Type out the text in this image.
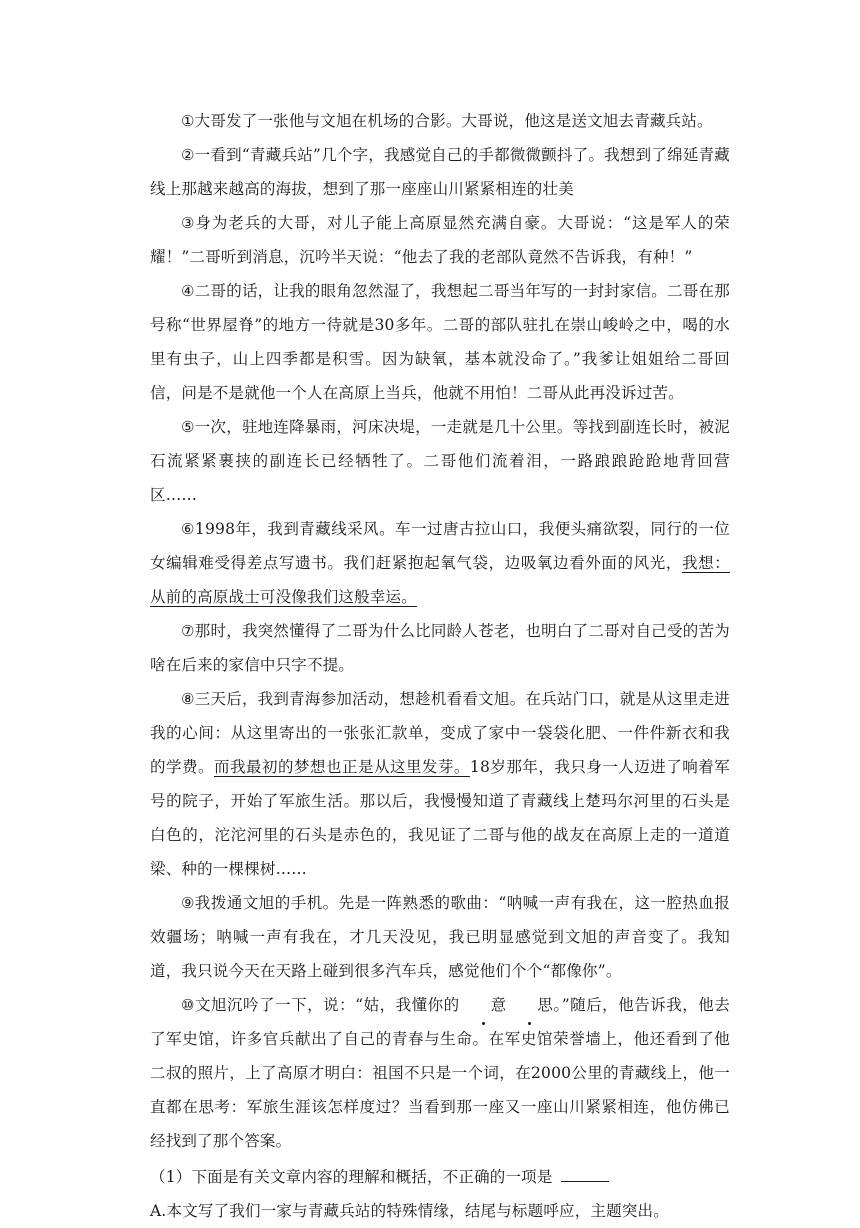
①大哥发了一张他与文旭在机场的合影。大哥说，他这是送文旭去青藏兵站。

②一看到“青藏兵站”几个字，我感觉自己的手都微微颤抖了。我想到了绵延青藏线上那越来越高的海拔，想到了那一座座山川紧紧相连的壮美

③身为老兵的大哥，对儿子能上高原显然充满自豪。大哥说：“这是军人的荣耀！”二哥听到消息，沉吟半天说：“他去了我的老部队竟然不告诉我，有种！”

④二哥的话，让我的眼角忽然湿了，我想起二哥当年写的一封封家信。二哥在那号称“世界屋脊”的地方一待就是30多年。二哥的部队驻扎在崇山峻岭之中，喝的水里有虫子，山上四季都是积雪。因为缺氧，基本就没命了。”我爹让姐姐给二哥回信，问是不是就他一个人在高原上当兵，他就不用怕！二哥从此再没诉过苦。

⑤一次，驻地连降暴雨，河床决堤，一走就是几十公里。等找到副连长时，被泥石流紧紧裹挟的副连长已经牺牲了。二哥他们流着泪，一路踉踉跄跄地背回营区……

⑥1998年，我到青藏线采风。车一过唐古拉山口，我便头痛欲裂，同行的一位女编辑难受得差点写遗书。我们赶紧抱起氧气袋，边吸氧边看外面的风光，我想：从前的高原战士可没像我们这般幸运。

⑦那时，我突然懂得了二哥为什么比同龄人苍老，也明白了二哥对自己受的苦为啥在后来的家信中只字不提。

⑧三天后，我到青海参加活动，想趁机看看文旭。在兵站门口，就是从这里走进我的心间：从这里寄出的一张张汇款单，变成了家中一袋袋化肥、一件件新衣和我的学费。而我最初的梦想也正是从这里发芽。18岁那年，我只身一人迈进了响着军号的院子，开始了军旅生活。那以后，我慢慢知道了青藏线上楚玛尔河里的石头是白色的，沱沱河里的石头是赤色的，我见证了二哥与他的战友在高原上走的一道道梁、种的一棵棵树……

⑨我拨通文旭的手机。先是一阵熟悉的歌曲：“呐喊一声有我在，这一腔热血报效疆场；呐喊一声有我在，才几天没见，我已明显感觉到文旭的声音变了。我知道，我只说今天在天路上碰到很多汽车兵，感觉他们个个“都像你”。

⑩文旭沉吟了一下，说：“姑，我懂你的 意 思。”随后，他告诉我，他去了军史馆，许多官兵献出了自己的青春与生命。在军史馆荣誉墙上，他还看到了他二叔的照片，上了高原才明白：祖国不只是一个词，在2000公里的青藏线上，他一直都在思考：军旅生涯该怎样度过？当看到那一座又一座山川紧紧相连，他仿佛已经找到了那个答案。

（1）下面是有关文章内容的理解和概括，不正确的一项是

A.本文写了我们一家与青藏兵站的特殊情缘，结尾与标题呼应，主题突出。
